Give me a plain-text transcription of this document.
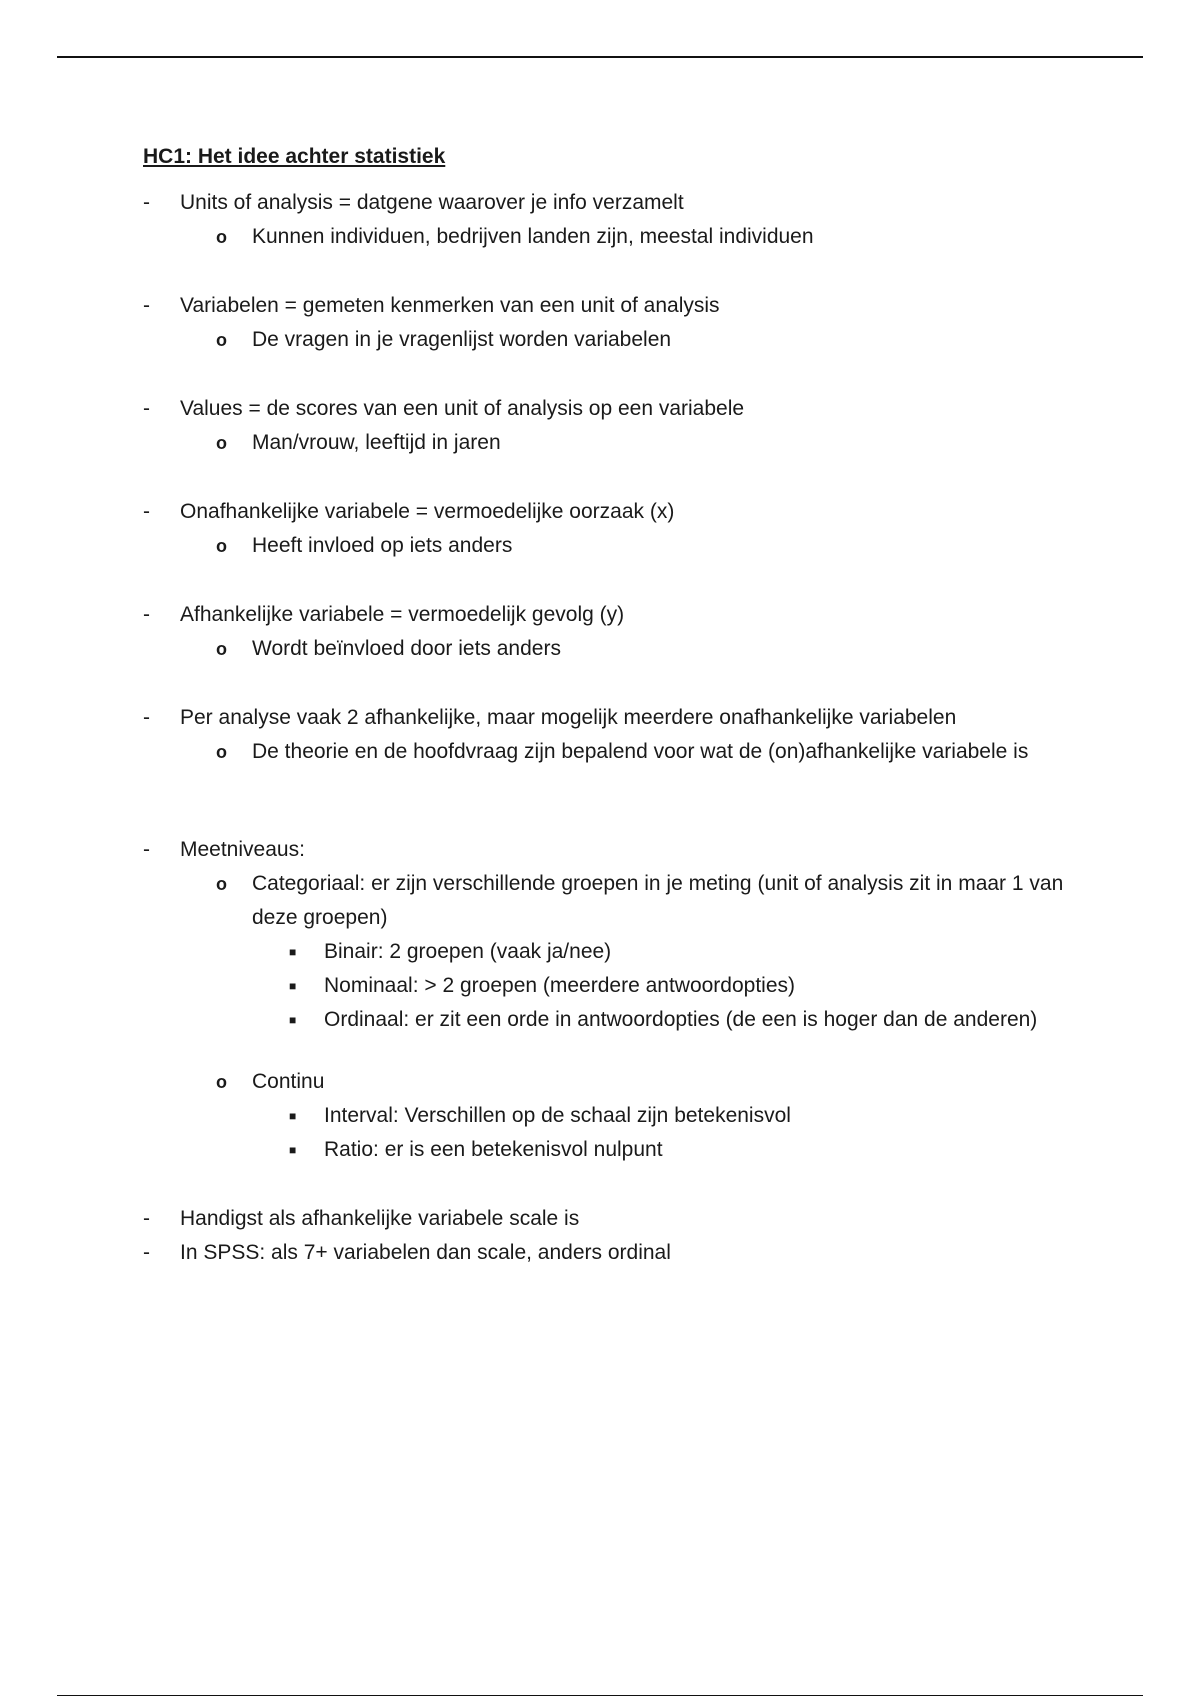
HC1: Het idee achter statistiek
-	Units of analysis = datgene waarover je info verzamelt
o Kunnen individuen, bedrijven landen zijn, meestal individuen
-	Variabelen = gemeten kenmerken van een unit of analysis
o De vragen in je vragenlijst worden variabelen
-	Values = de scores van een unit of analysis op een variabele
o Man/vrouw, leeftijd in jaren
-	Onafhankelijke variabele = vermoedelijke oorzaak (x)
o Heeft invloed op iets anders
-	Afhankelijke variabele = vermoedelijk gevolg (y)
o Wordt beïnvloed door iets anders
-	Per analyse vaak 2 afhankelijke, maar mogelijk meerdere onafhankelijke variabelen
o De theorie en de hoofdvraag zijn bepalend voor wat de (on)afhankelijke variabele is
-	Meetniveaus:
o Categoriaal: er zijn verschillende groepen in je meting (unit of analysis zit in maar 1 van deze groepen)
■ Binair: 2 groepen (vaak ja/nee)
■ Nominaal: > 2 groepen (meerdere antwoordopties)
■ Ordinaal: er zit een orde in antwoordopties (de een is hoger dan de anderen)
o Continu
■ Interval: Verschillen op de schaal zijn betekenisvol
■ Ratio: er is een betekenisvol nulpunt
-	Handigst als afhankelijke variabele scale is
-	In SPSS: als 7+ variabelen dan scale, anders ordinal
